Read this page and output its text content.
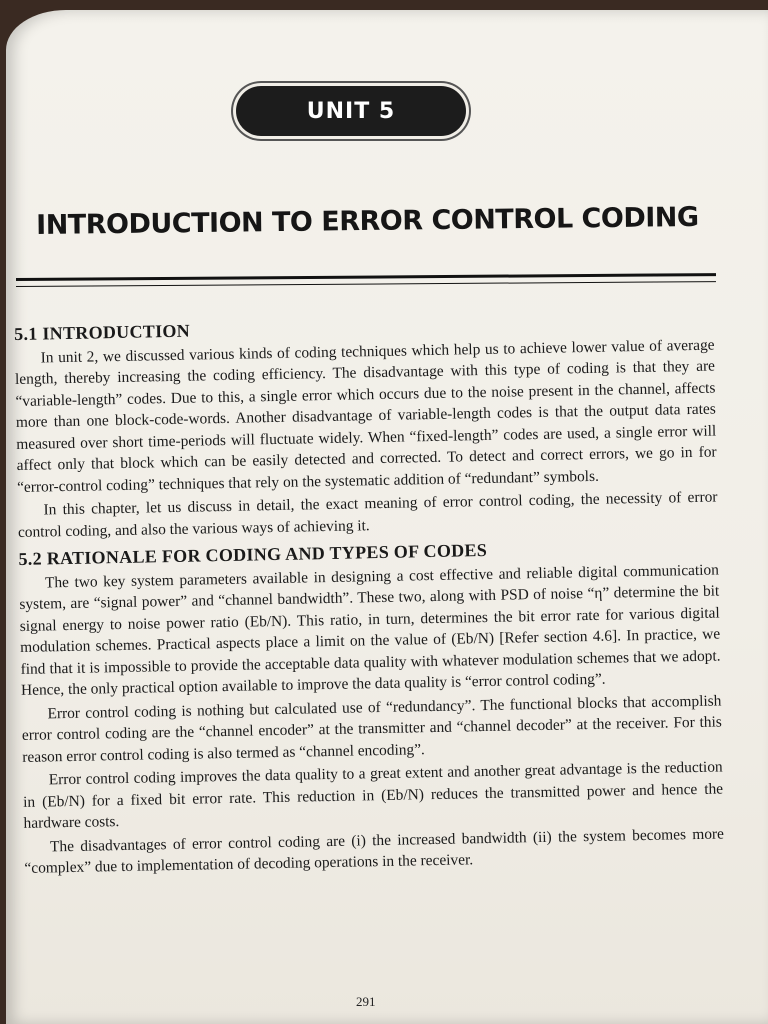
UNIT 5
INTRODUCTION TO ERROR CONTROL CODING
5.1 INTRODUCTION

In unit 2, we discussed various kinds of coding techniques which help us to achieve lower value of average length, thereby increasing the coding efficiency. The disadvantage with this type of coding is that they are “variable-length” codes. Due to this, a single error which occurs due to the noise present in the channel, affects more than one block-code-words. Another disadvantage of variable-length codes is that the output data rates measured over short time-periods will fluctuate widely. When “fixed-length” codes are used, a single error will affect only that block which can be easily detected and corrected. To detect and correct errors, we go in for “error-control coding” techniques that rely on the systematic addition of “redundant” symbols.

In this chapter, let us discuss in detail, the exact meaning of error control coding, the necessity of error control coding, and also the various ways of achieving it.

5.2 RATIONALE FOR CODING AND TYPES OF CODES

The two key system parameters available in designing a cost effective and reliable digital communication system, are “signal power” and “channel bandwidth”. These two, along with PSD of noise “η” determine the bit signal energy to noise power ratio (Eb/N). This ratio, in turn, determines the bit error rate for various digital modulation schemes. Practical aspects place a limit on the value of (Eb/N) [Refer section 4.6]. In practice, we find that it is impossible to provide the acceptable data quality with whatever modulation schemes that we adopt. Hence, the only practical option available to improve the data quality is “error control coding”.

Error control coding is nothing but calculated use of “redundancy”. The functional blocks that accomplish error control coding are the “channel encoder” at the transmitter and “channel decoder” at the receiver. For this reason error control coding is also termed as “channel encoding”.

Error control coding improves the data quality to a great extent and another great advantage is the reduction in (Eb/N) for a fixed bit error rate. This reduction in (Eb/N) reduces the transmitted power and hence the hardware costs.

The disadvantages of error control coding are (i) the increased bandwidth (ii) the system becomes more “complex” due to implementation of decoding operations in the receiver.

291
